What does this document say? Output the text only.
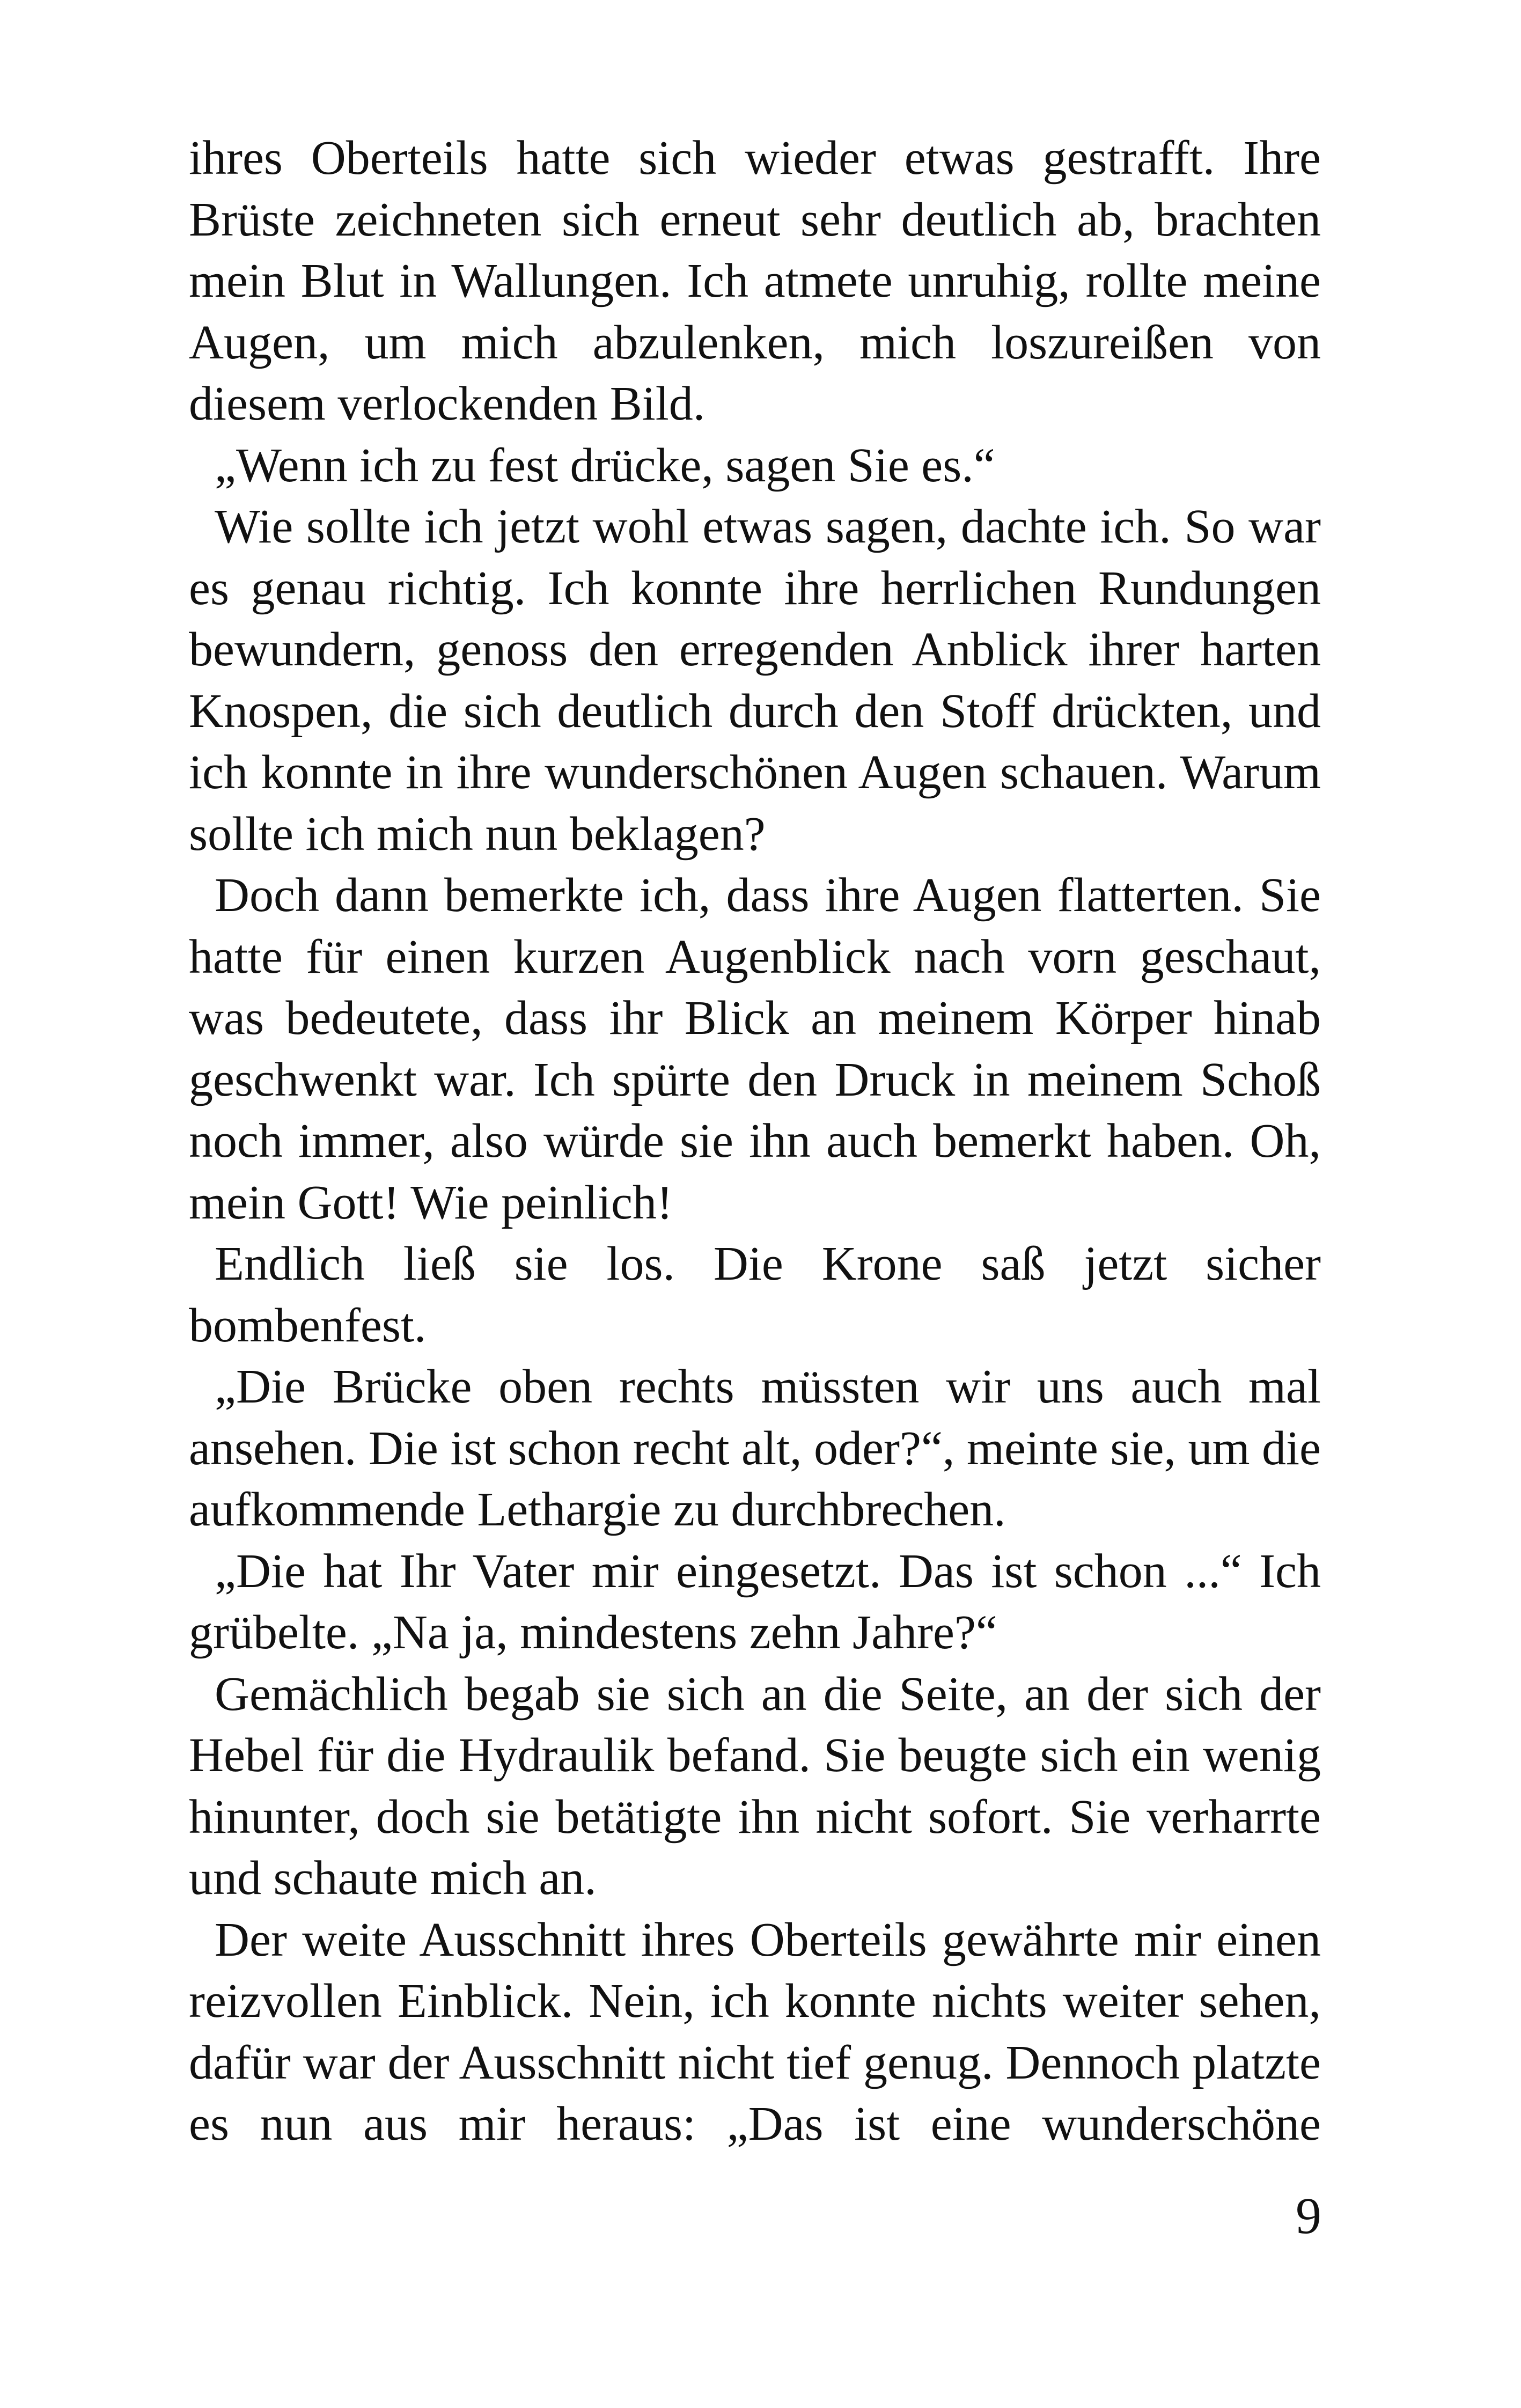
ihres Oberteils hatte sich wieder etwas gestrafft. Ihre Brüste zeichneten sich erneut sehr deutlich ab, brachten mein Blut in Wallungen. Ich atmete unruhig, rollte meine Augen, um mich abzulenken, mich loszureißen von diesem verlockenden Bild.

„Wenn ich zu fest drücke, sagen Sie es.“

Wie sollte ich jetzt wohl etwas sagen, dachte ich. So war es genau richtig. Ich konnte ihre herrlichen Rundungen bewundern, genoss den erregenden Anblick ihrer harten Knospen, die sich deutlich durch den Stoff drückten, und ich konnte in ihre wunderschönen Augen schauen. Warum sollte ich mich nun beklagen?

Doch dann bemerkte ich, dass ihre Augen flatterten. Sie hatte für einen kurzen Augenblick nach vorn geschaut, was bedeutete, dass ihr Blick an meinem Körper hinab geschwenkt war. Ich spürte den Druck in meinem Schoß noch immer, also würde sie ihn auch bemerkt haben. Oh, mein Gott! Wie peinlich!

Endlich ließ sie los. Die Krone saß jetzt sicher bombenfest.

„Die Brücke oben rechts müssten wir uns auch mal ansehen. Die ist schon recht alt, oder?“, meinte sie, um die aufkommende Lethargie zu durchbrechen.

„Die hat Ihr Vater mir eingesetzt. Das ist schon ...“ Ich grübelte. „Na ja, mindestens zehn Jahre?“

Gemächlich begab sie sich an die Seite, an der sich der Hebel für die Hydraulik befand. Sie beugte sich ein wenig hinunter, doch sie betätigte ihn nicht sofort. Sie verharrte und schaute mich an.

Der weite Ausschnitt ihres Oberteils gewährte mir einen reizvollen Einblick. Nein, ich konnte nichts weiter sehen, dafür war der Ausschnitt nicht tief genug. Dennoch platzte es nun aus mir heraus: „Das ist eine wunderschöne

9
